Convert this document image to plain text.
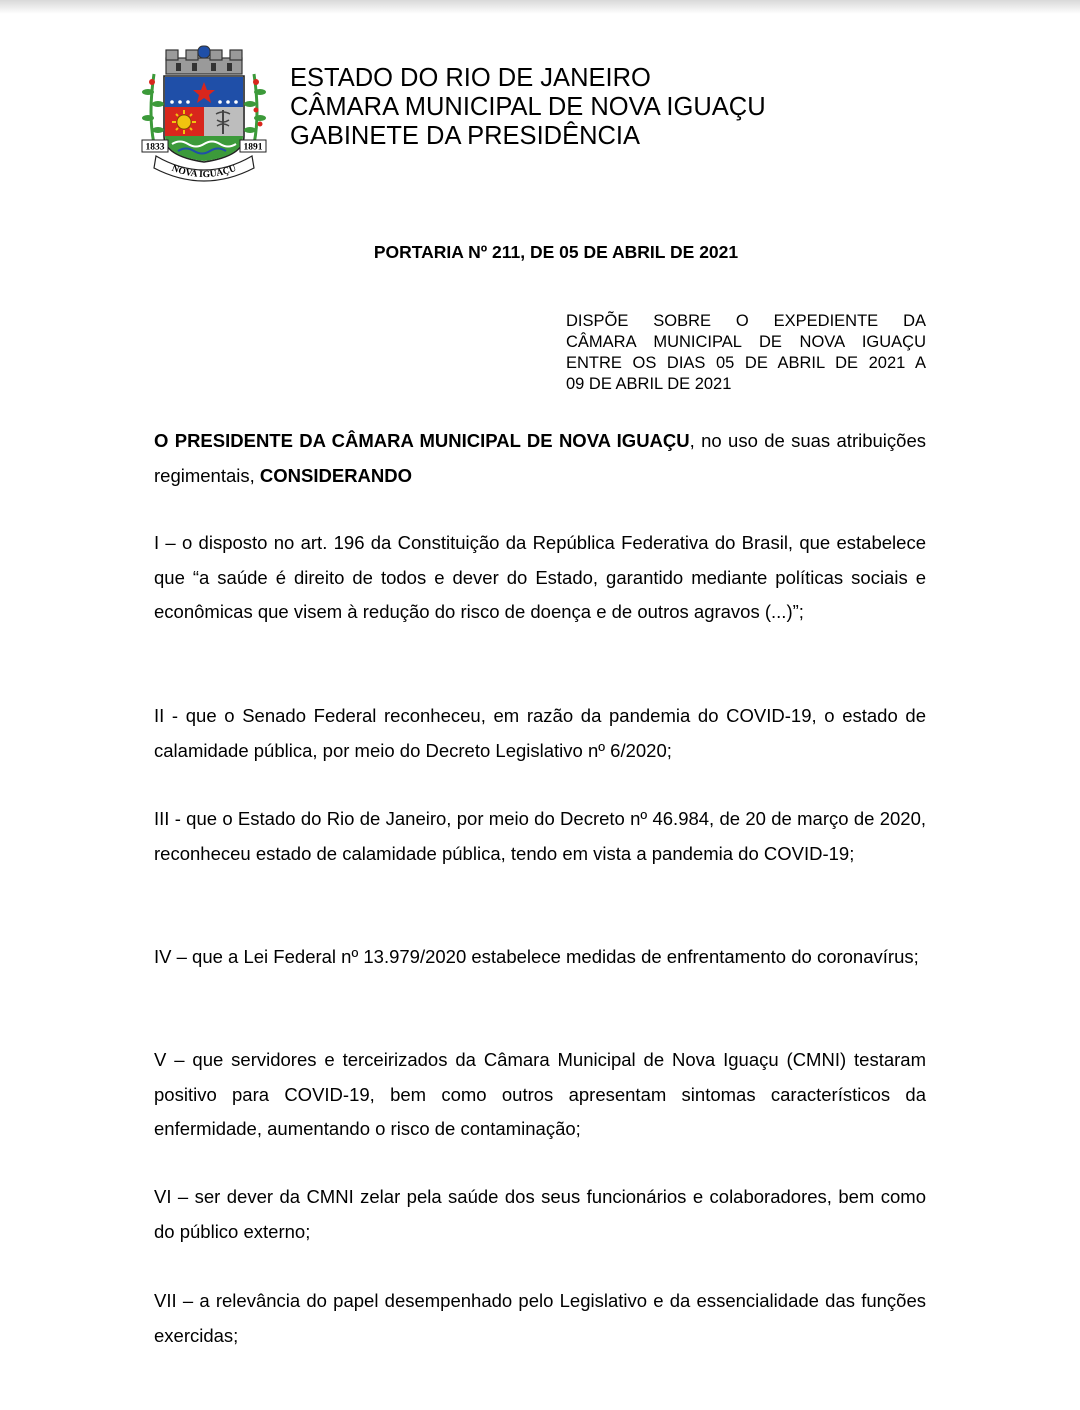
1833	1891
NOVA IGUAÇU
ESTADO DO RIO DE JANEIRO
CÂMARA MUNICIPAL DE NOVA IGUAÇU
GABINETE DA PRESIDÊNCIA
PORTARIA Nº 211, DE 05 DE ABRIL DE 2021
DISPÕE SOBRE O EXPEDIENTE DA
CÂMARA MUNICIPAL DE NOVA IGUAÇU
ENTRE OS DIAS 05 DE ABRIL DE 2021 A
09 DE ABRIL DE 2021
O PRESIDENTE DA CÂMARA MUNICIPAL DE NOVA IGUAÇU, no uso de suas atribuições regimentais, CONSIDERANDO
I – o disposto no art. 196 da Constituição da República Federativa do Brasil, que estabelece que “a saúde é direito de todos e dever do Estado, garantido mediante políticas sociais e econômicas que visem à redução do risco de doença e de outros agravos (...)”;
II - que o Senado Federal reconheceu, em razão da pandemia do COVID-19, o estado de calamidade pública, por meio do Decreto Legislativo nº 6/2020;
III - que o Estado do Rio de Janeiro, por meio do Decreto nº 46.984, de 20 de março de 2020, reconheceu estado de calamidade pública, tendo em vista a pandemia do COVID-19;
IV – que a Lei Federal nº 13.979/2020 estabelece medidas de enfrentamento do coronavírus;
V – que servidores e terceirizados da Câmara Municipal de Nova Iguaçu (CMNI) testaram positivo para COVID-19, bem como outros apresentam sintomas característicos da enfermidade, aumentando o risco de contaminação;
VI – ser dever da CMNI zelar pela saúde dos seus funcionários e colaboradores, bem como do público externo;
VII – a relevância do papel desempenhado pelo Legislativo e da essencialidade das funções exercidas;
